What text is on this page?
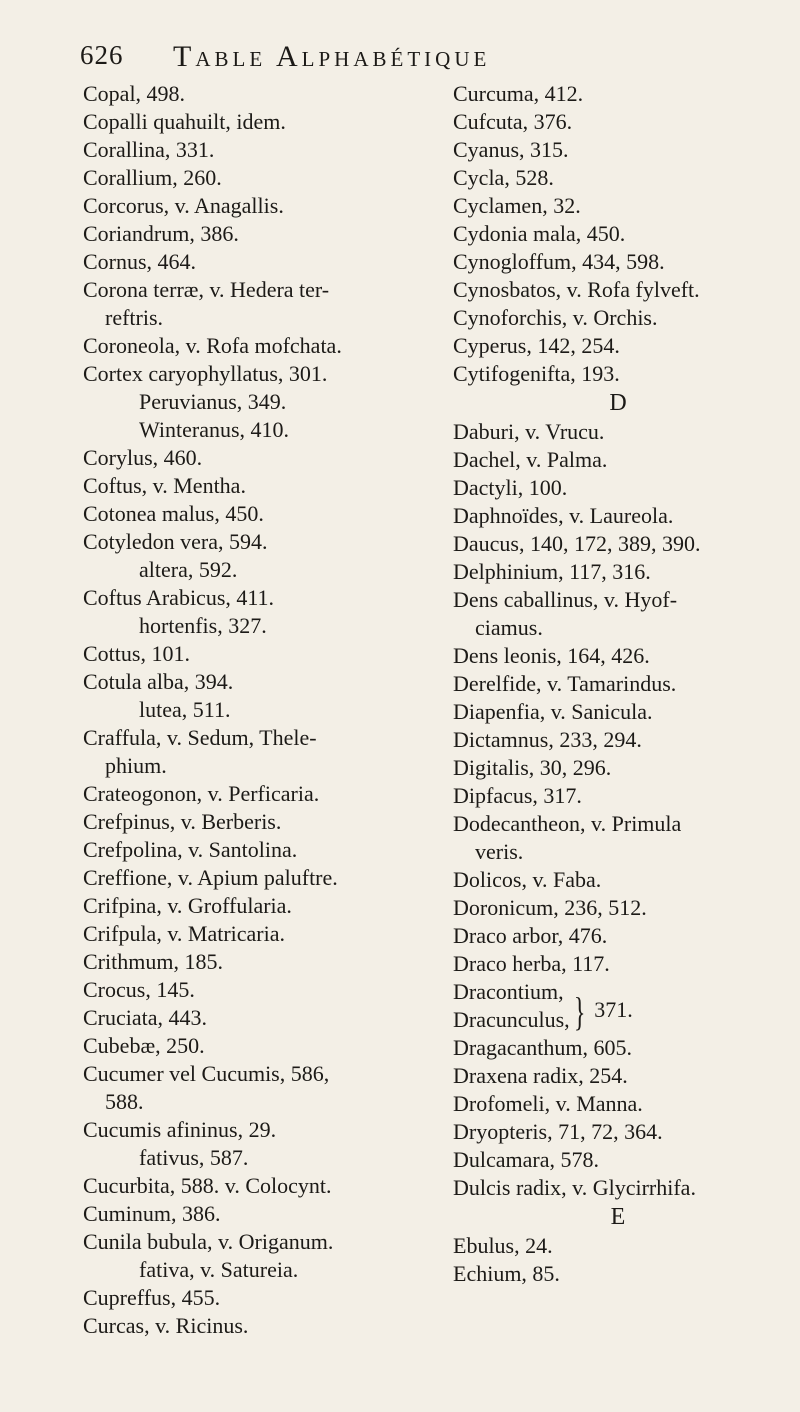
626 Table Alphabétique
Copal, 498.
Copalli quahuilt, idem.
Corallina, 331.
Corallium, 260.
Corcorus, v. Anagallis.
Coriandrum, 386.
Cornus, 464.
Corona terræ, v. Hedera ter-
reftris.
Coroneola, v. Rofa mofchata.
Cortex caryophyllatus, 301.
Peruvianus, 349.
Winteranus, 410.
Corylus, 460.
Coftus, v. Mentha.
Cotonea malus, 450.
Cotyledon vera, 594.
altera, 592.
Coftus Arabicus, 411.
hortenfis, 327.
Cottus, 101.
Cotula alba, 394.
lutea, 511.
Craffula, v. Sedum, Thele-
phium.
Crateogonon, v. Perficaria.
Crefpinus, v. Berberis.
Crefpolina, v. Santolina.
Creffione, v. Apium paluftre.
Crifpina, v. Groffularia.
Crifpula, v. Matricaria.
Crithmum, 185.
Crocus, 145.
Cruciata, 443.
Cubebæ, 250.
Cucumer vel Cucumis, 586,
588.
Cucumis afininus, 29.
fativus, 587.
Cucurbita, 588. v. Colocynt.
Cuminum, 386.
Cunila bubula, v. Origanum.
fativa, v. Satureia.
Cupreffus, 455.
Curcas, v. Ricinus.
Curcuma, 412.
Cufcuta, 376.
Cyanus, 315.
Cycla, 528.
Cyclamen, 32.
Cydonia mala, 450.
Cynogloffum, 434, 598.
Cynosbatos, v. Rofa fylveft.
Cynoforchis, v. Orchis.
Cyperus, 142, 254.
Cytifogenifta, 193.
D
Daburi, v. Vrucu.
Dachel, v. Palma.
Dactyli, 100.
Daphnoïdes, v. Laureola.
Daucus, 140, 172, 389, 390.
Delphinium, 117, 316.
Dens caballinus, v. Hyof-
ciamus.
Dens leonis, 164, 426.
Derelfide, v. Tamarindus.
Diapenfia, v. Sanicula.
Dictamnus, 233, 294.
Digitalis, 30, 296.
Dipfacus, 317.
Dodecantheon, v. Primula
veris.
Dolicos, v. Faba.
Doronicum, 236, 512.
Draco arbor, 476.
Draco herba, 117.
Dracontium, } 371.
Dracunculus,
Dragacanthum, 605.
Draxena radix, 254.
Drofomeli, v. Manna.
Dryopteris, 71, 72, 364.
Dulcamara, 578.
Dulcis radix, v. Glycirrhifa.
E
Ebulus, 24.
Echium, 85.
